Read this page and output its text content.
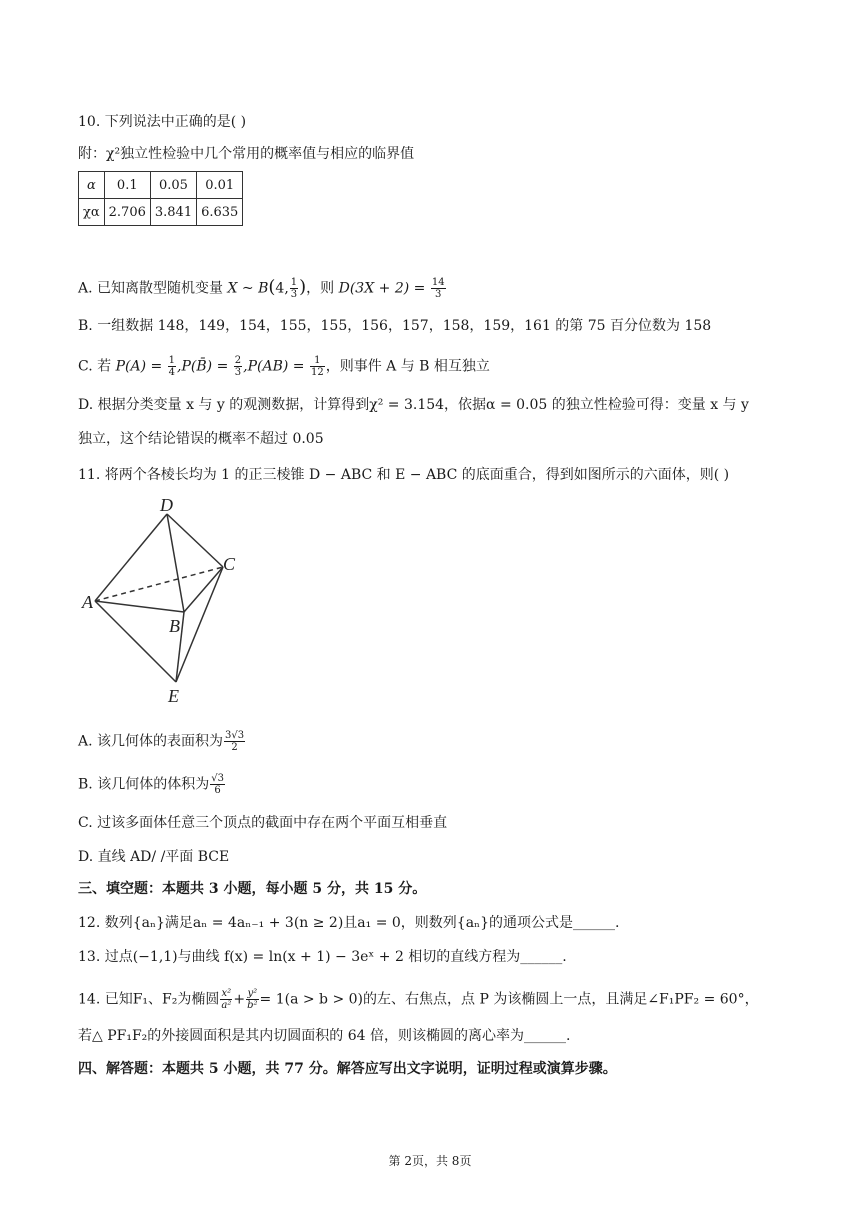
10. 下列说法中正确的是( )
附：χ²独立性检验中几个常用的概率值与相应的临界值
α	0.1	0.05	0.01
χα	2.706	3.841	6.635
A. 已知离散型随机变量 X ~ B(4, $\frac{1}{3}$ )，则 $D(3X + 2) = \frac{14}{3}$
B. 一组数据 148，149，154，155，155，156，157，158，159，161 的第 75 百分位数为 158
C. 若 $P(A) = \frac{1}{4}$ ,P(B̄) = $\frac{2}{3} ,P(AB) = \frac{1}{12}$ ，则事件 A 与 B 相互独立
D. 根据分类变量 x 与 y 的观测数据，计算得到χ² = 3.154，依据α = 0.05 的独立性检验可得：变量 x 与 y
独立，这个结论错误的概率不超过 0.05
11. 将两个各棱长均为 1 的正三棱锥 D − ABC 和 E − ABC 的底面重合，得到如图所示的六面体，则( )
D
C
A
B
E
A. 该几何体的表面积为 $\frac{3√3}{2}$
B. 该几何体的体积为 $\frac{√3}{6}$
C. 过该多面体任意三个顶点的截面中存在两个平面互相垂直
D. 直线 AD/ /平面 BCE
三、填空题：本题共 3 小题，每小题 5 分，共 15 分。
12. 数列{aₙ}满足aₙ = 4aₙ₋₁ + 3(n ≥ 2)且a₁ = 0，则数列{aₙ}的通项公式是______.
13. 过点(−1,1)与曲线 f(x) = ln(x + 1) − 3eˣ + 2 相切的直线方程为______.
14. 已知F₁、F₂为椭圆 $\frac{\text{x²}}{\text{a²}} + \frac{\text{y²}}{\text{b²}} = 1(a > b > 0)$的左、右焦点，点 P 为该椭圆上一点，且满足∠F₁PF₂ = 60°，
若△ PF₁F₂的外接圆面积是其内切圆面积的 64 倍，则该椭圆的离心率为______.
四、解答题：本题共 5 小题，共 77 分。解答应写出文字说明，证明过程或演算步骤。
第 2页，共 8页
